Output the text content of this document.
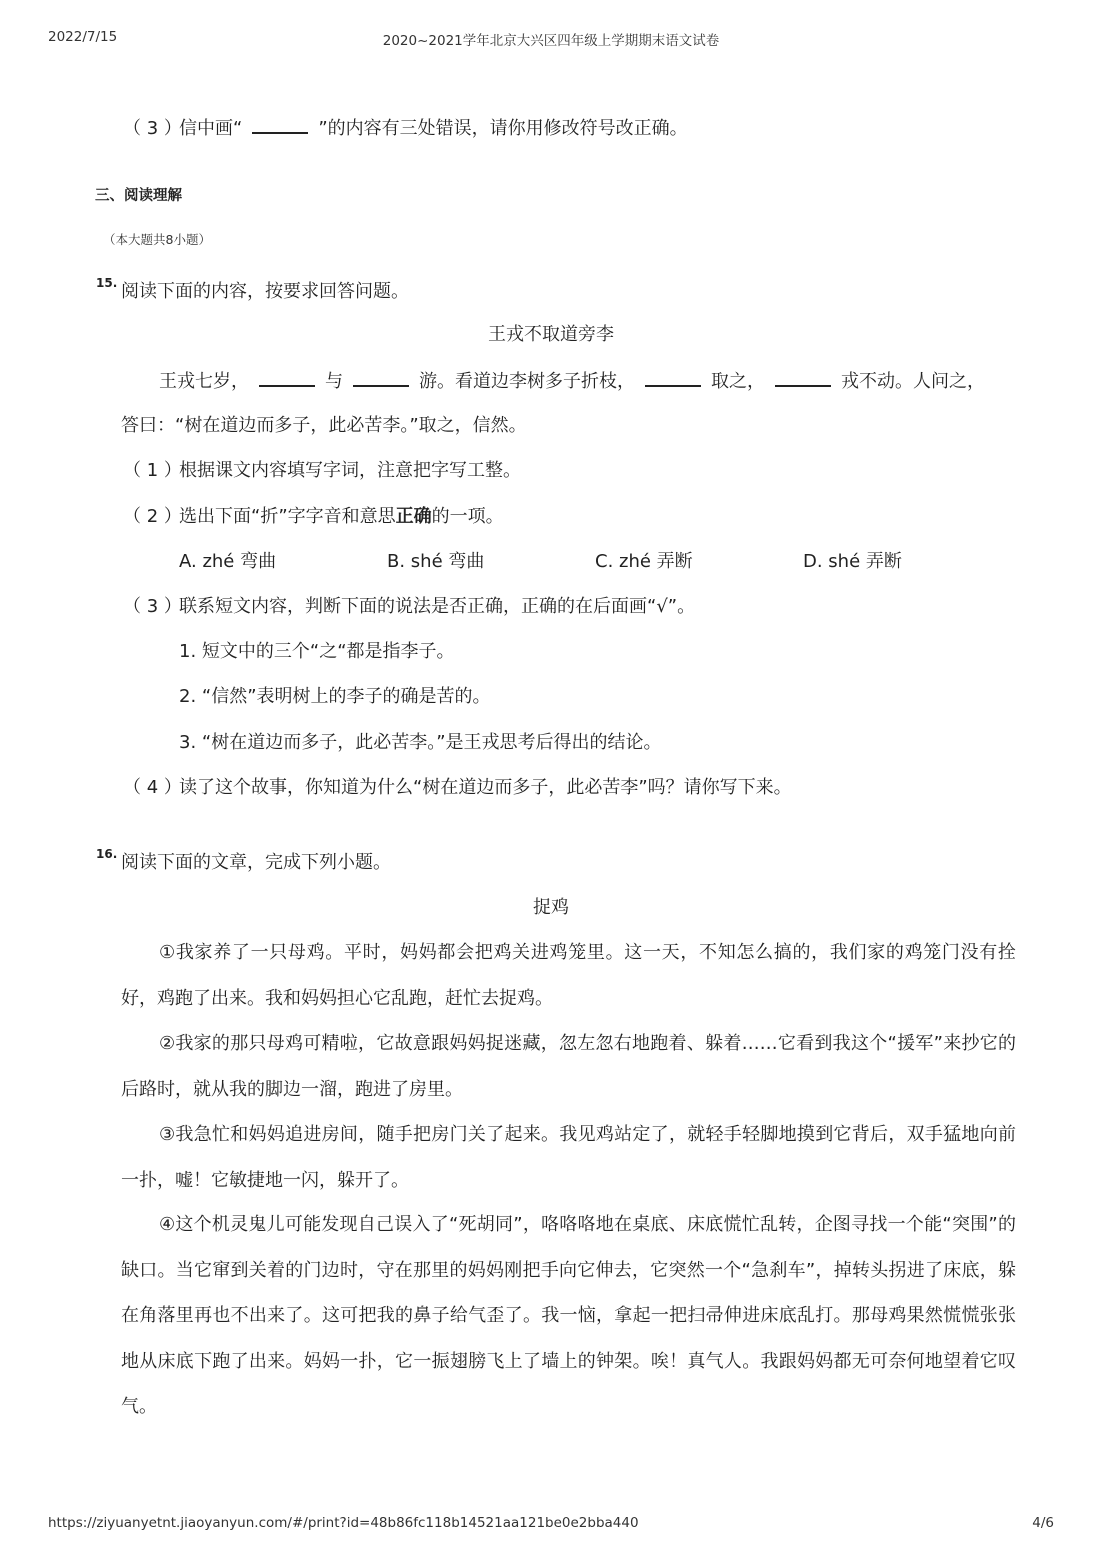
2022/7/15	2020~2021学年北京大兴区四年级上学期期末语文试卷
（ 3 ）信中画“	”的内容有三处错误，请你用修改符号改正确。
三、阅读理解
（本大题共8小题）
15. 阅读下面的内容，按要求回答问题。
王戎不取道旁李
王戎七岁，	与	游。看道边李树多子折枝，	取之，	戎不动。人问之，
答曰：“树在道边而多子，此必苦李。”取之，信然。
（ 1 ）根据课文内容填写字词，注意把字写工整。
（ 2 ）选出下面“折”字字音和意思正确的一项。
A. zhé 弯曲	B. shé 弯曲	C. zhé 弄断	D. shé 弄断
（ 3 ）联系短文内容，判断下面的说法是否正确，正确的在后面画“√”。
1. 短文中的三个“之“都是指李子。
2. “信然”表明树上的李子的确是苦的。
3. “树在道边而多子，此必苦李。”是王戎思考后得出的结论。
（ 4 ）读了这个故事，你知道为什么“树在道边而多子，此必苦李”吗？请你写下来。
16. 阅读下面的文章，完成下列小题。
捉鸡
①我家养了一只母鸡。平时，妈妈都会把鸡关进鸡笼里。这一天，不知怎么搞的，我们家的鸡笼门没有拴好，鸡跑了出来。我和妈妈担心它乱跑，赶忙去捉鸡。
②我家的那只母鸡可精啦，它故意跟妈妈捉迷藏，忽左忽右地跑着、躲着……它看到我这个“援军”来抄它的后路时，就从我的脚边一溜，跑进了房里。
③我急忙和妈妈追进房间，随手把房门关了起来。我见鸡站定了，就轻手轻脚地摸到它背后，双手猛地向前一扑，嘘！它敏捷地一闪，躲开了。
④这个机灵鬼儿可能发现自己误入了“死胡同”，咯咯咯地在桌底、床底慌忙乱转，企图寻找一个能“突围”的缺口。当它窜到关着的门边时，守在那里的妈妈刚把手向它伸去，它突然一个“急刹车”，掉转头拐进了床底，躲在角落里再也不出来了。这可把我的鼻子给气歪了。我一恼，拿起一把扫帚伸进床底乱打。那母鸡果然慌慌张张地从床底下跑了出来。妈妈一扑，它一振翅膀飞上了墙上的钟架。唉！真气人。我跟妈妈都无可奈何地望着它叹气。
https://ziyuanyetnt.jiaoyanyun.com/#/print?id=48b86fc118b14521aa121be0e2bba440	4/6
